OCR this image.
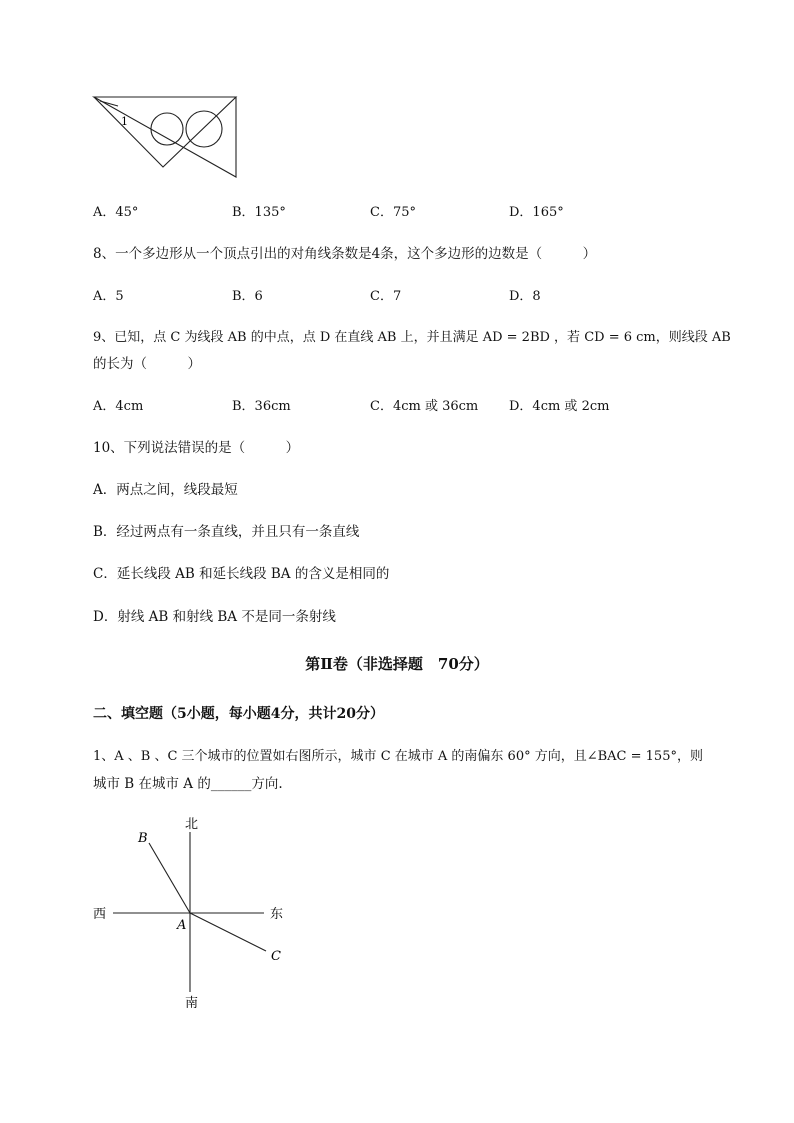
1
A．45°	B．135°	C．75°	D．165°
8、一个多边形从一个顶点引出的对角线条数是4条，这个多边形的边数是（　　　）
A．5	B．6	C．7	D．8
9、已知，点 C 为线段 AB 的中点，点 D 在直线 AB 上，并且满足 AD = 2BD ，若 CD = 6 cm，则线段 AB
的长为（　　　）
A．4cm	B．36cm	C．4cm 或 36cm D．4cm 或 2cm
10、下列说法错误的是（　　　）
A．两点之间，线段最短
B．经过两点有一条直线，并且只有一条直线
C．延长线段 AB 和延长线段 BA 的含义是相同的
D．射线 AB 和射线 BA 不是同一条射线
第Ⅱ卷（非选择题　70分）
二、填空题（5小题，每小题4分，共计20分）
1、A 、B 、C 三个城市的位置如右图所示，城市 C 在城市 A 的南偏东 60° 方向，且∠BAC = 155°，则
城市 B 在城市 A 的______方向.
北
南
西	东
A
B
C
